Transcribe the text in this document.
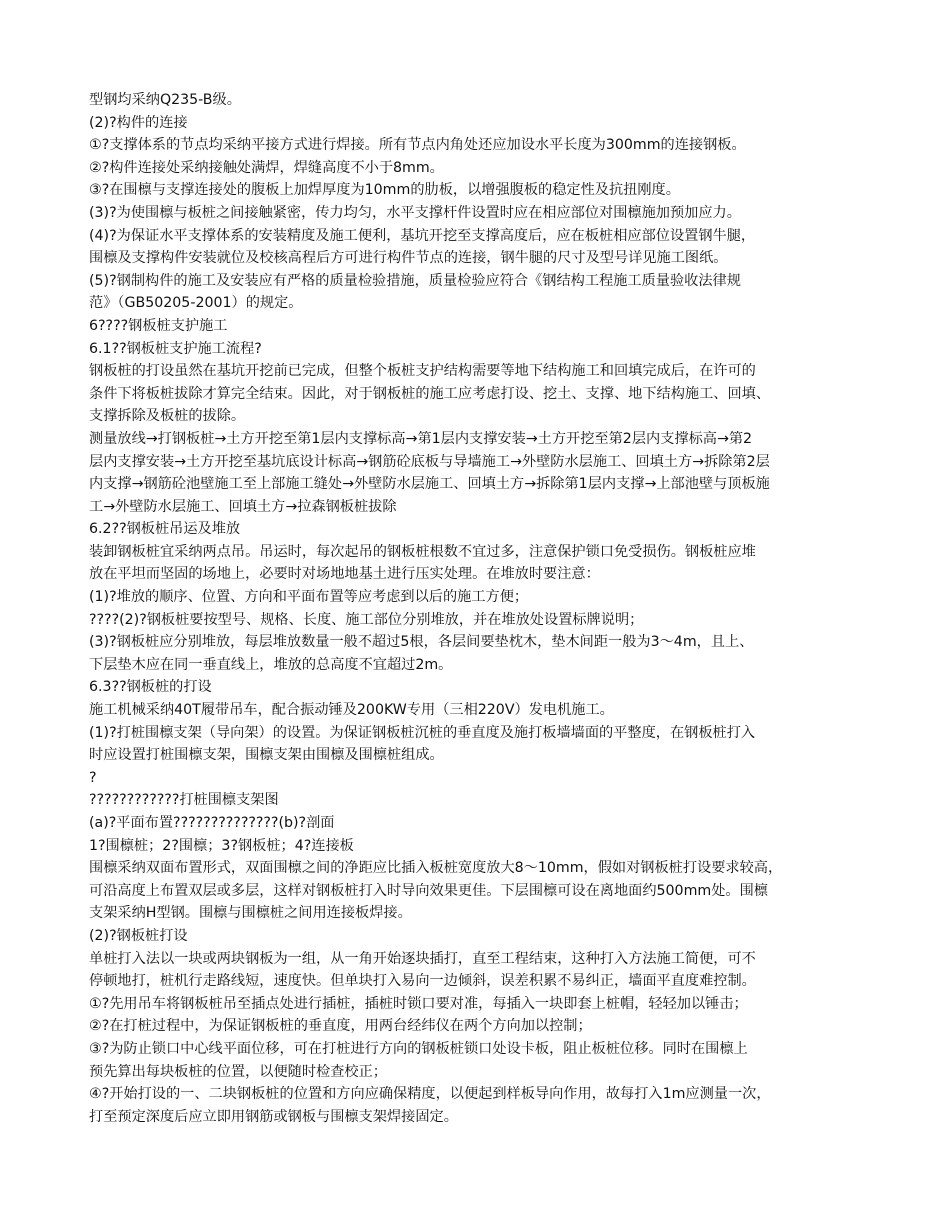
型钢均采纳Q235-B级。
(2)?构件的连接
①?支撑体系的节点均采纳平接方式进行焊接。所有节点内角处还应加设水平长度为300mm的连接钢板。
②?构件连接处采纳接触处满焊，焊缝高度不小于8mm。
③?在围檩与支撑连接处的腹板上加焊厚度为10mm的肋板，以增强腹板的稳定性及抗扭刚度。
(3)?为使围檩与板桩之间接触紧密，传力均匀，水平支撑杆件设置时应在相应部位对围檩施加预加应力。
(4)?为保证水平支撑体系的安装精度及施工便利，基坑开挖至支撑高度后，应在板桩相应部位设置钢牛腿，
围檩及支撑构件安装就位及校核高程后方可进行构件节点的连接，钢牛腿的尺寸及型号详见施工图纸。
(5)?钢制构件的施工及安装应有严格的质量检验措施，质量检验应符合《钢结构工程施工质量验收法律规
范》（GB50205-2001）的规定。
6????钢板桩支护施工
6.1??钢板桩支护施工流程?
钢板桩的打设虽然在基坑开挖前已完成，但整个板桩支护结构需要等地下结构施工和回填完成后，在许可的
条件下将板桩拔除才算完全结束。因此，对于钢板桩的施工应考虑打设、挖土、支撑、地下结构施工、回填、
支撑拆除及板桩的拔除。
测量放线→打钢板桩→土方开挖至第1层内支撑标高→第1层内支撑安装→土方开挖至第2层内支撑标高→第2
层内支撑安装→土方开挖至基坑底设计标高→钢筋砼底板与导墙施工→外壁防水层施工、回填土方→拆除第2层
内支撑→钢筋砼池壁施工至上部施工缝处→外壁防水层施工、回填土方→拆除第1层内支撑→上部池壁与顶板施
工→外壁防水层施工、回填土方→拉森钢板桩拔除
6.2??钢板桩吊运及堆放
装卸钢板桩宜采纳两点吊。吊运时，每次起吊的钢板桩根数不宜过多，注意保护锁口免受损伤。钢板桩应堆
放在平坦而坚固的场地上，必要时对场地地基土进行压实处理。在堆放时要注意：
(1)?堆放的顺序、位置、方向和平面布置等应考虑到以后的施工方便；
????(2)?钢板桩要按型号、规格、长度、施工部位分别堆放，并在堆放处设置标牌说明；
(3)?钢板桩应分别堆放，每层堆放数量一般不超过5根，各层间要垫枕木，垫木间距一般为3～4m，且上、
下层垫木应在同一垂直线上，堆放的总高度不宜超过2m。
6.3??钢板桩的打设
施工机械采纳40T履带吊车，配合振动锤及200KW专用（三相220V）发电机施工。
(1)?打桩围檩支架（导向架）的设置。为保证钢板桩沉桩的垂直度及施打板墙墙面的平整度，在钢板桩打入
时应设置打桩围檩支架，围檩支架由围檩及围檩桩组成。
?
????????????打桩围檩支架图
(a)?平面布置??????????????(b)?剖面
1?围檩桩；2?围檩；3?钢板桩；4?连接板
围檩采纳双面布置形式，双面围檩之间的净距应比插入板桩宽度放大8～10mm，假如对钢板桩打设要求较高，
可沿高度上布置双层或多层，这样对钢板桩打入时导向效果更佳。下层围檩可设在离地面约500mm处。围檩
支架采纳H型钢。围檩与围檩桩之间用连接板焊接。
(2)?钢板桩打设
单桩打入法以一块或两块钢板为一组，从一角开始逐块插打，直至工程结束，这种打入方法施工简便，可不
停顿地打，桩机行走路线短，速度快。但单块打入易向一边倾斜，误差积累不易纠正，墙面平直度难控制。
①?先用吊车将钢板桩吊至插点处进行插桩，插桩时锁口要对准，每插入一块即套上桩帽，轻轻加以锤击；
②?在打桩过程中，为保证钢板桩的垂直度，用两台经纬仪在两个方向加以控制；
③?为防止锁口中心线平面位移，可在打桩进行方向的钢板桩锁口处设卡板，阻止板桩位移。同时在围檩上
预先算出每块板桩的位置，以便随时检查校正；
④?开始打设的一、二块钢板桩的位置和方向应确保精度，以便起到样板导向作用，故每打入1m应测量一次，
打至预定深度后应立即用钢筋或钢板与围檩支架焊接固定。
